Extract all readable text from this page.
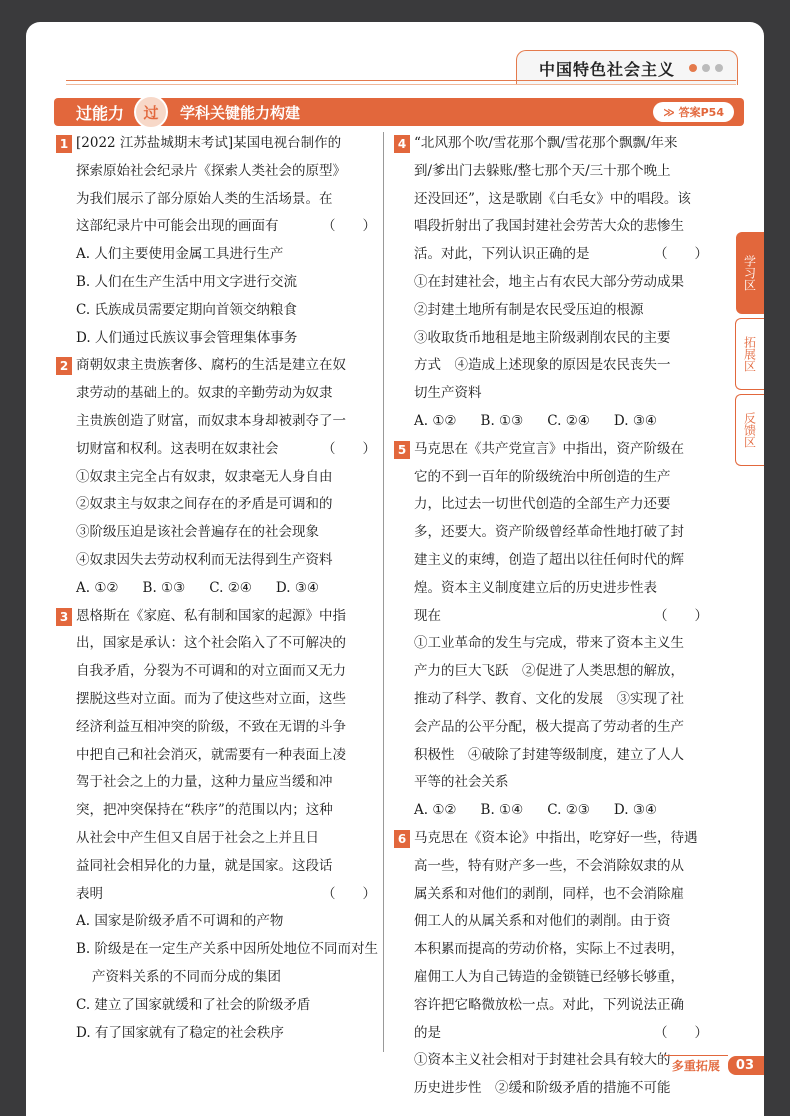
中国特色社会主义
过能力	过	学科关键能力构建	≫ 答案P54
1 [2022 江苏盐城期末考试]某国电视台制作的
探索原始社会纪录片《探索人类社会的原型》
为我们展示了部分原始人类的生活场景。在
这部纪录片中可能会出现的画面有	（　　）
A. 人们主要使用金属工具进行生产
B. 人们在生产生活中用文字进行交流
C. 氏族成员需要定期向首领交纳粮食
D. 人们通过氏族议事会管理集体事务
2 商朝奴隶主贵族奢侈、腐朽的生活是建立在奴
隶劳动的基础上的。奴隶的辛勤劳动为奴隶
主贵族创造了财富，而奴隶本身却被剥夺了一
切财富和权利。这表明在奴隶社会	（　　）
①奴隶主完全占有奴隶，奴隶毫无人身自由
②奴隶主与奴隶之间存在的矛盾是可调和的
③阶级压迫是该社会普遍存在的社会现象
④奴隶因失去劳动权利而无法得到生产资料
A. ①② B. ①③ C. ②④ D. ③④
3 恩格斯在《家庭、私有制和国家的起源》中指
出，国家是承认：这个社会陷入了不可解决的
自我矛盾，分裂为不可调和的对立面而又无力
摆脱这些对立面。而为了使这些对立面，这些
经济利益互相冲突的阶级，不致在无谓的斗争
中把自己和社会消灭，就需要有一种表面上凌
驾于社会之上的力量，这种力量应当缓和冲
突，把冲突保持在“秩序”的范围以内；这种
从社会中产生但又自居于社会之上并且日
益同社会相异化的力量，就是国家。这段话
表明	（　　）
A. 国家是阶级矛盾不可调和的产物
B. 阶级是在一定生产关系中因所处地位不同而对生产资料关系的不同而分成的集团
C. 建立了国家就缓和了社会的阶级矛盾
D. 有了国家就有了稳定的社会秩序
4 “北风那个吹/雪花那个飘/雪花那个飘飘/年来
到/爹出门去躲账/整七那个天/三十那个晚上
还没回还”，这是歌剧《白毛女》中的唱段。该
唱段折射出了我国封建社会劳苦大众的悲惨生
活。对此，下列认识正确的是	（　　）
①在封建社会，地主占有农民大部分劳动成果
②封建土地所有制是农民受压迫的根源
③收取货币地租是地主阶级剥削农民的主要
方式　④造成上述现象的原因是农民丧失一
切生产资料
A. ①② B. ①③ C. ②④ D. ③④
5 马克思在《共产党宣言》中指出，资产阶级在
它的不到一百年的阶级统治中所创造的生产
力，比过去一切世代创造的全部生产力还要
多，还要大。资产阶级曾经革命性地打破了封
建主义的束缚，创造了超出以往任何时代的辉
煌。资本主义制度建立后的历史进步性表
现在	（　　）
①工业革命的发生与完成，带来了资本主义生
产力的巨大飞跃　②促进了人类思想的解放，
推动了科学、教育、文化的发展　③实现了社
会产品的公平分配，极大提高了劳动者的生产
积极性　④破除了封建等级制度，建立了人人
平等的社会关系
A. ①② B. ①④ C. ②③ D. ③④
6 马克思在《资本论》中指出，吃穿好一些，待遇
高一些，特有财产多一些，不会消除奴隶的从
属关系和对他们的剥削，同样，也不会消除雇
佣工人的从属关系和对他们的剥削。由于资
本积累而提高的劳动价格，实际上不过表明，
雇佣工人为自己铸造的金锁链已经够长够重，
容许把它略微放松一点。对此，下列说法正确
的是	（　　）
①资本主义社会相对于封建社会具有较大的
历史进步性　②缓和阶级矛盾的措施不可能
学习区
拓展区
反馈区
多重拓展	03
